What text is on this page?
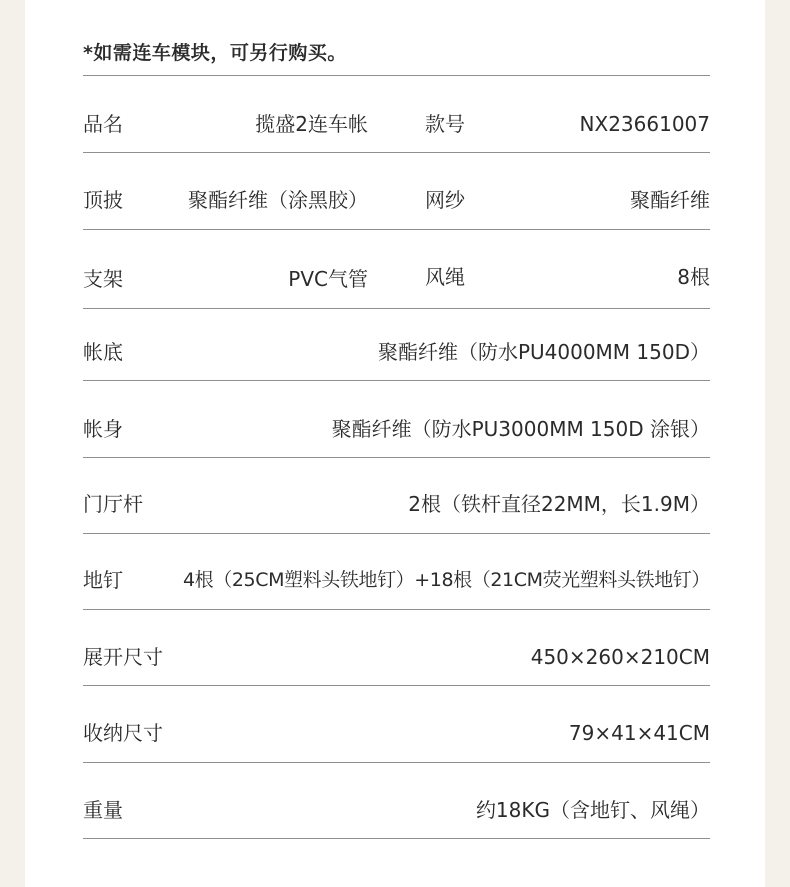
*如需连车模块，可另行购买。
品名	揽盛2连车帐	款号	NX23661007
顶披	聚酯纤维（涂黑胶）	网纱	聚酯纤维
支架	PVC气管	风绳	8根
帐底	聚酯纤维（防水PU4000MM 150D）
帐身	聚酯纤维（防水PU3000MM 150D 涂银）
门厅杆	2根（铁杆直径22MM，长1.9M）
地钉	4根（25CM塑料头铁地钉）+18根（21CM荧光塑料头铁地钉）
展开尺寸	450×260×210CM
收纳尺寸	79×41×41CM
重量	约18KG（含地钉、风绳）
